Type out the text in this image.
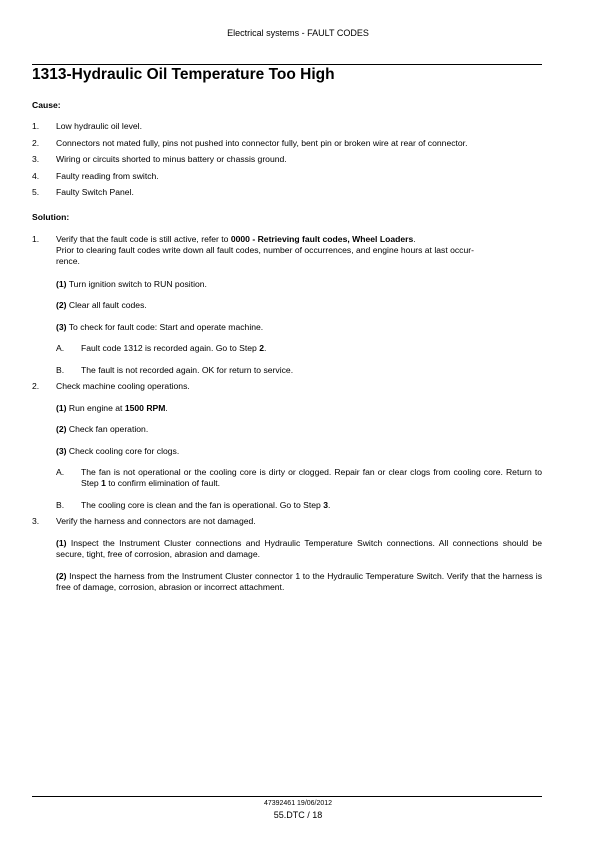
Electrical systems - FAULT CODES
1313-Hydraulic Oil Temperature Too High
Cause:
1. Low hydraulic oil level.
2. Connectors not mated fully, pins not pushed into connector fully, bent pin or broken wire at rear of connector.
3. Wiring or circuits shorted to minus battery or chassis ground.
4. Faulty reading from switch.
5. Faulty Switch Panel.
Solution:
1. Verify that the fault code is still active, refer to 0000 - Retrieving fault codes, Wheel Loaders.
Prior to clearing fault codes write down all fault codes, number of occurrences, and engine hours at last occur-
rence.
(1) Turn ignition switch to RUN position.
(2) Clear all fault codes.
(3) To check for fault code: Start and operate machine.
A. Fault code 1312 is recorded again. Go to Step 2.
B. The fault is not recorded again. OK for return to service.
2. Check machine cooling operations.
(1) Run engine at 1500 RPM.
(2) Check fan operation.
(3) Check cooling core for clogs.
A. The fan is not operational or the cooling core is dirty or clogged. Repair fan or clear clogs from cooling core. Return to Step 1 to confirm elimination of fault.
B. The cooling core is clean and the fan is operational. Go to Step 3.
3. Verify the harness and connectors are not damaged.
(1) Inspect the Instrument Cluster connections and Hydraulic Temperature Switch connections. All connections should be secure, tight, free of corrosion, abrasion and damage.
(2) Inspect the harness from the Instrument Cluster connector 1 to the Hydraulic Temperature Switch. Verify that the harness is free of damage, corrosion, abrasion or incorrect attachment.
47392461 19/06/2012
55.DTC / 18
